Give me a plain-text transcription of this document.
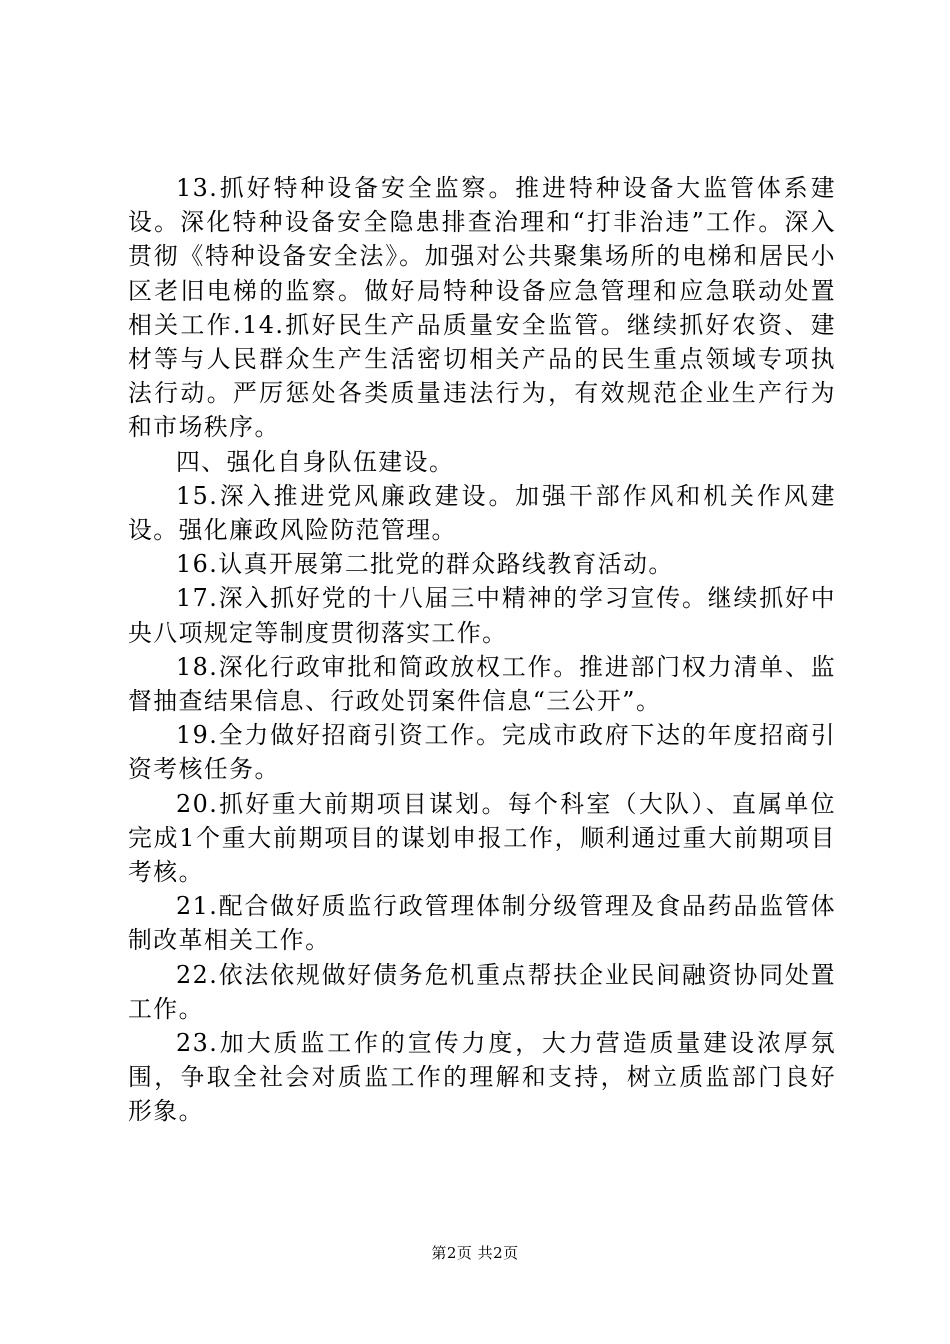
13.抓好特种设备安全监察。推进特种设备大监管体系建设。深化特种设备安全隐患排查治理和“打非治违”工作。深入贯彻《特种设备安全法》。加强对公共聚集场所的电梯和居民小区老旧电梯的监察。做好局特种设备应急管理和应急联动处置相关工作.14.抓好民生产品质量安全监管。继续抓好农资、建材等与人民群众生产生活密切相关产品的民生重点领域专项执法行动。严厉惩处各类质量违法行为，有效规范企业生产行为和市场秩序。

四、强化自身队伍建设。

15.深入推进党风廉政建设。加强干部作风和机关作风建设。强化廉政风险防范管理。

16.认真开展第二批党的群众路线教育活动。

17.深入抓好党的十八届三中精神的学习宣传。继续抓好中央八项规定等制度贯彻落实工作。

18.深化行政审批和简政放权工作。推进部门权力清单、监督抽查结果信息、行政处罚案件信息“三公开”。

19.全力做好招商引资工作。完成市政府下达的年度招商引资考核任务。

20.抓好重大前期项目谋划。每个科室（大队）、直属单位完成1个重大前期项目的谋划申报工作，顺利通过重大前期项目考核。

21.配合做好质监行政管理体制分级管理及食品药品监管体制改革相关工作。

22.依法依规做好债务危机重点帮扶企业民间融资协同处置工作。

23.加大质监工作的宣传力度，大力营造质量建设浓厚氛围，争取全社会对质监工作的理解和支持，树立质监部门良好形象。

第2页 共2页
